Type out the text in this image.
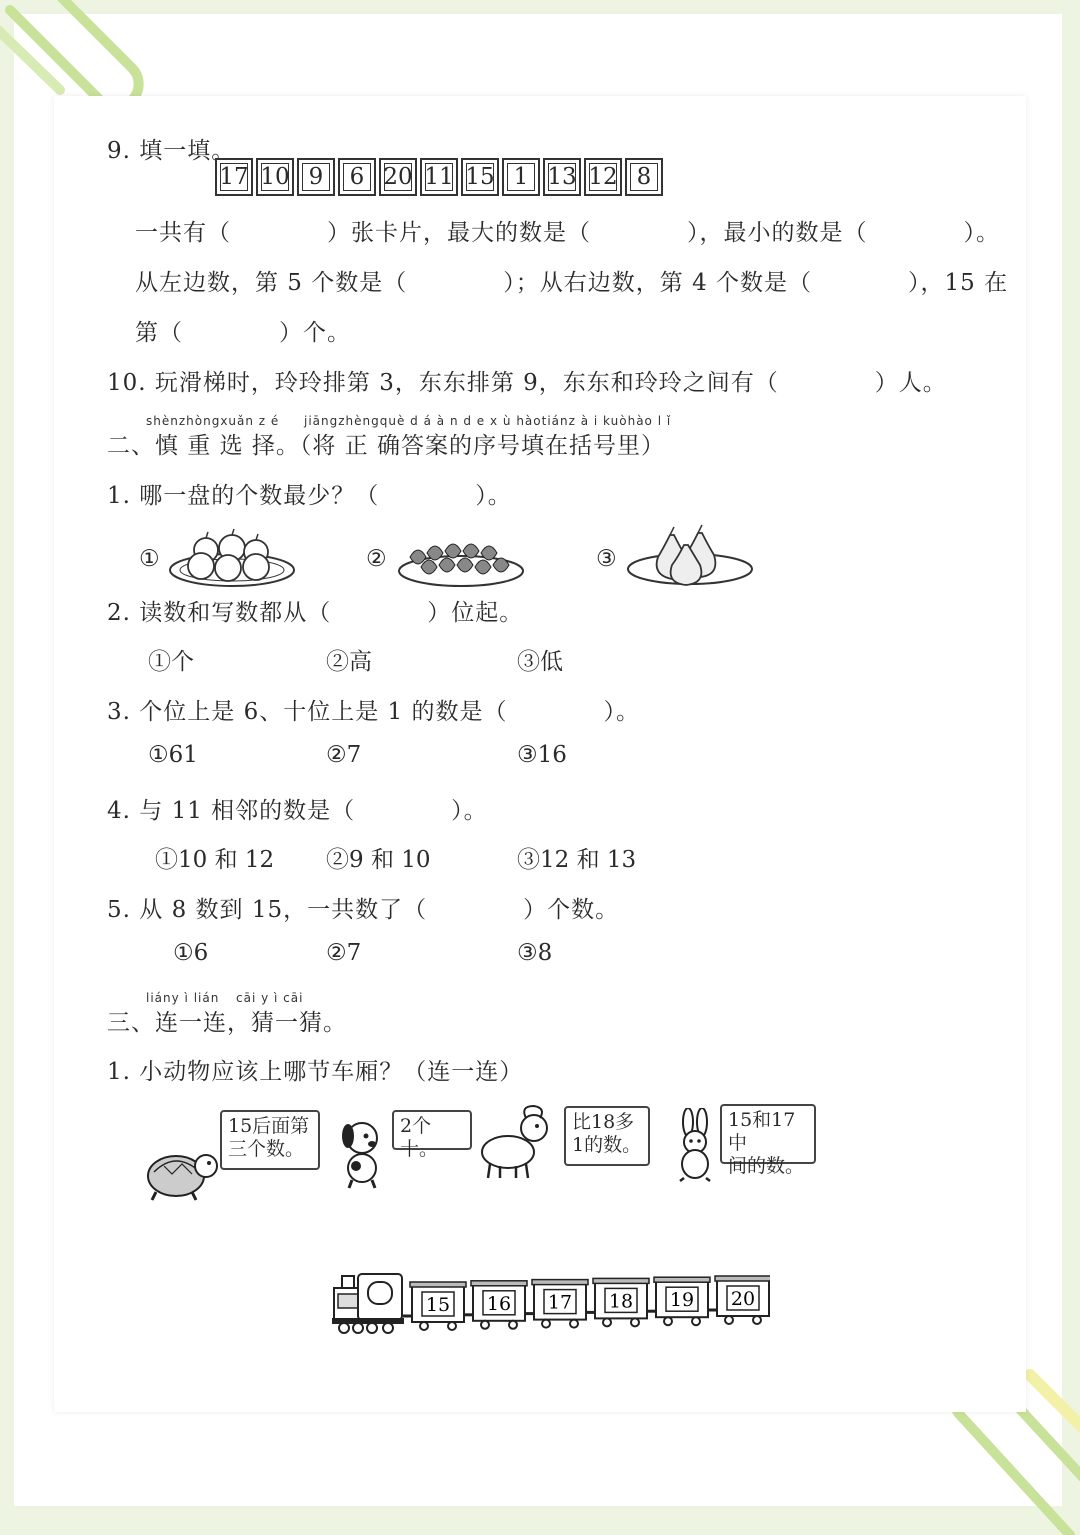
9. 填一填。
17 10 9	6 20 11 15 1 13 12 8
一共有（　　　　）张卡片，最大的数是（　　　　），最小的数是（　　　　）。
从左边数，第 5 个数是（　　　　）；从右边数，第 4 个数是（　　　　），15 在
第（　　　　）个。
10. 玩滑梯时，玲玲排第 3，东东排第 9，东东和玲玲之间有（　　　　）人。
shènzhòngxuǎn z é jiāngzhèngquè d á à n d e x ù hàotiánz à i kuòhào l ǐ
二、慎 重 选 择。（将 正 确答案的序号填在括号里）
1. 哪一盘的个数最少？（　　　　）。
①	②	③
2. 读数和写数都从（　　　　）位起。
①个	②高	③低
3. 个位上是 6、十位上是 1 的数是（　　　　）。
①61	②7	③16
4. 与 11 相邻的数是（　　　　）。
①10 和 12 ②9 和 10	③12 和 13
5. 从 8 数到 15，一共数了（　　　　）个数。
①6	②7	③8
liány ì lián cāi y ì cāi
三、连一连，猜一猜。
1. 小动物应该上哪节车厢？（连一连）
15后面第
三个数。
2个十。
比18多
1的数。
15和17中
间的数。
15 16 17 18 19 20
